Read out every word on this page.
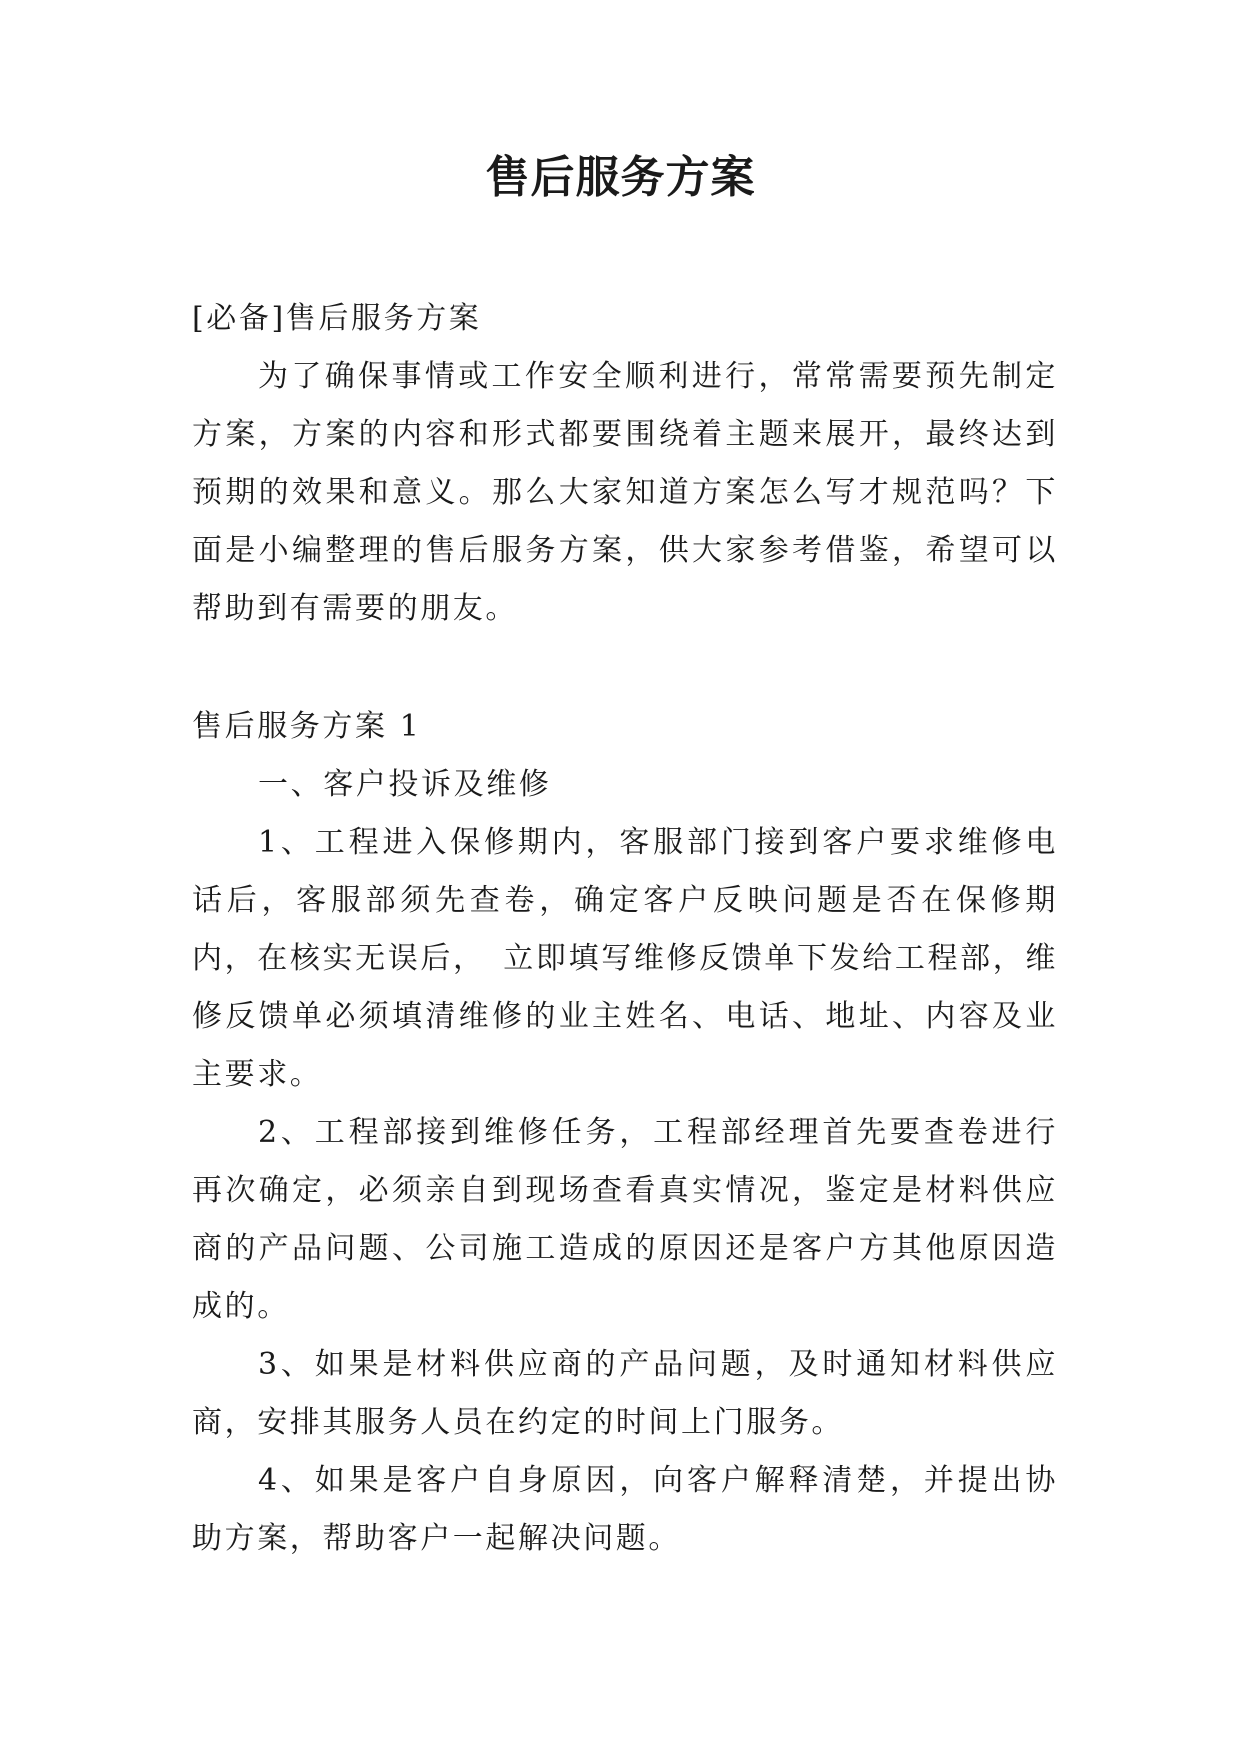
售后服务方案

[必备]售后服务方案

为了确保事情或工作安全顺利进行，常常需要预先制定方案，方案的内容和形式都要围绕着主题来展开，最终达到预期的效果和意义。那么大家知道方案怎么写才规范吗？下面是小编整理的售后服务方案，供大家参考借鉴，希望可以帮助到有需要的朋友。

售后服务方案 1

一、客户投诉及维修

1、工程进入保修期内，客服部门接到客户要求维修电话后，客服部须先查卷，确定客户反映问题是否在保修期内，在核实无误后，　立即填写维修反馈单下发给工程部，维修反馈单必须填清维修的业主姓名、电话、地址、内容及业主要求。

2、工程部接到维修任务，工程部经理首先要查卷进行再次确定，必须亲自到现场查看真实情况，鉴定是材料供应商的产品问题、公司施工造成的原因还是客户方其他原因造成的。

3、如果是材料供应商的产品问题，及时通知材料供应商，安排其服务人员在约定的时间上门服务。

4、如果是客户自身原因，向客户解释清楚，并提出协助方案，帮助客户一起解决问题。
